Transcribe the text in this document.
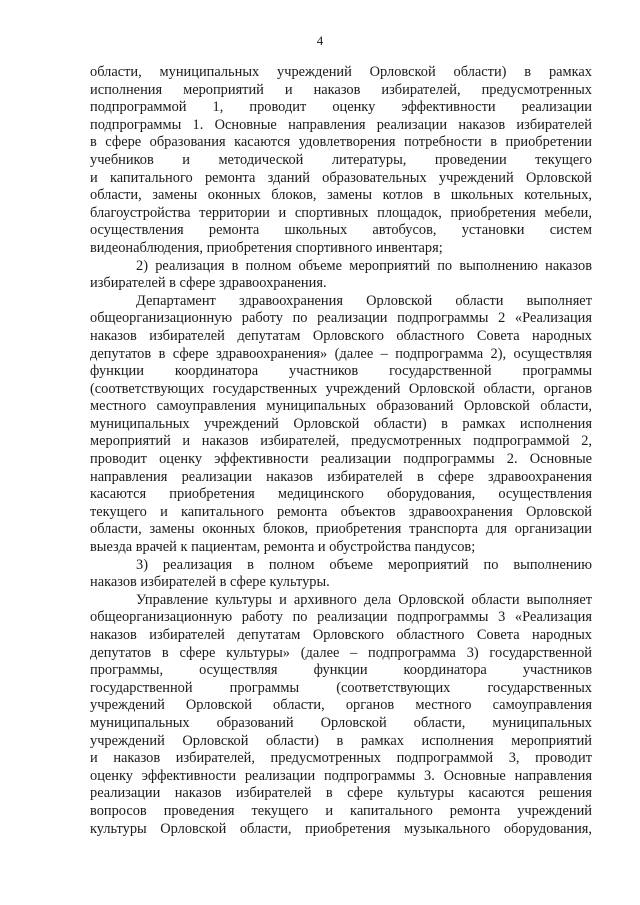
4

области, муниципальных учреждений Орловской области) в рамках
исполнения мероприятий и наказов избирателей, предусмотренных
подпрограммой 1, проводит оценку эффективности реализации
подпрограммы 1. Основные направления реализации наказов избирателей
в сфере образования касаются удовлетворения потребности в приобретении
учебников и методической литературы, проведении текущего
и капитального ремонта зданий образовательных учреждений Орловской
области, замены оконных блоков, замены котлов в школьных котельных,
благоустройства территории и спортивных площадок, приобретения мебели,
осуществления ремонта школьных автобусов, установки систем
видеонаблюдения, приобретения спортивного инвентаря;

2) реализация в полном объеме мероприятий по выполнению наказов
избирателей в сфере здравоохранения.

Департамент здравоохранения Орловской области выполняет
общеорганизационную работу по реализации подпрограммы 2 «Реализация
наказов избирателей депутатам Орловского областного Совета народных
депутатов в сфере здравоохранения» (далее – подпрограмма 2), осуществляя
функции координатора участников государственной программы
(соответствующих государственных учреждений Орловской области, органов
местного самоуправления муниципальных образований Орловской области,
муниципальных учреждений Орловской области) в рамках исполнения
мероприятий и наказов избирателей, предусмотренных подпрограммой 2,
проводит оценку эффективности реализации подпрограммы 2. Основные
направления реализации наказов избирателей в сфере здравоохранения
касаются приобретения медицинского оборудования, осуществления
текущего и капитального ремонта объектов здравоохранения Орловской
области, замены оконных блоков, приобретения транспорта для организации
выезда врачей к пациентам, ремонта и обустройства пандусов;

3) реализация в полном объеме мероприятий по выполнению
наказов избирателей в сфере культуры.

Управление культуры и архивного дела Орловской области выполняет
общеорганизационную работу по реализации подпрограммы 3 «Реализация
наказов избирателей депутатам Орловского областного Совета народных
депутатов в сфере культуры» (далее – подпрограмма 3) государственной
программы, осуществляя функции координатора участников
государственной программы (соответствующих государственных
учреждений Орловской области, органов местного самоуправления
муниципальных образований Орловской области, муниципальных
учреждений Орловской области) в рамках исполнения мероприятий
и наказов избирателей, предусмотренных подпрограммой 3, проводит
оценку эффективности реализации подпрограммы 3. Основные направления
реализации наказов избирателей в сфере культуры касаются решения
вопросов проведения текущего и капитального ремонта учреждений
культуры Орловской области, приобретения музыкального оборудования,
